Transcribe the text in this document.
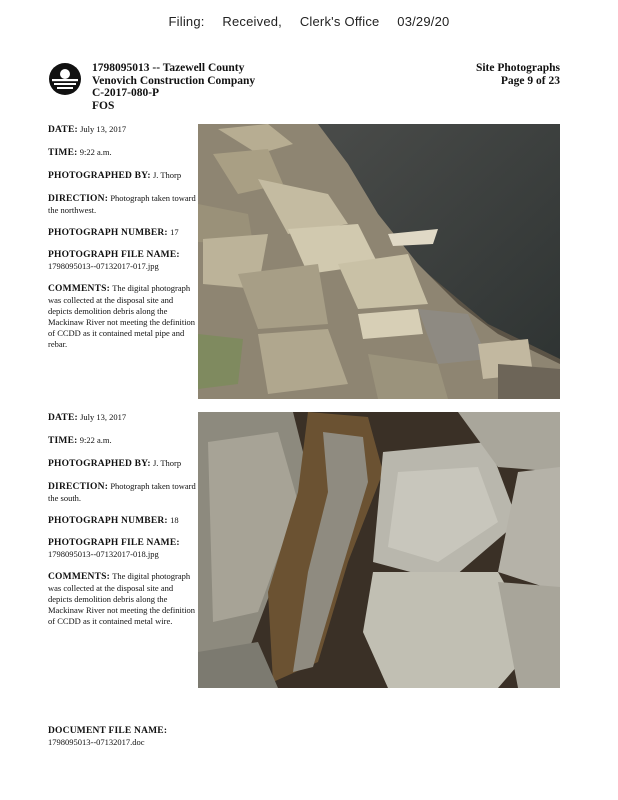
Filing: Received, Clerk's Office 03/29/20
1798095013 -- Tazewell County
Venovich Construction Company
C-2017-080-P
FOS
Site Photographs
Page 9 of 23
DATE: July 13, 2017
TIME: 9:22 a.m.
PHOTOGRAPHED BY: J. Thorp
DIRECTION: Photograph taken toward the northwest.
PHOTOGRAPH NUMBER: 17
PHOTOGRAPH FILE NAME:
1798095013--07132017-017.jpg
COMMENTS: The digital photograph was collected at the disposal site and depicts demolition debris along the Mackinaw River not meeting the definition of CCDD as it contained metal pipe and rebar.
DATE: July 13, 2017
TIME: 9:22 a.m.
PHOTOGRAPHED BY: J. Thorp
DIRECTION: Photograph taken toward the south.
PHOTOGRAPH NUMBER: 18
PHOTOGRAPH FILE NAME:
1798095013--07132017-018.jpg
COMMENTS: The digital photograph was collected at the disposal site and depicts demolition debris along the Mackinaw River not meeting the definition of CCDD as it contained metal wire.
DOCUMENT FILE NAME:
1798095013--07132017.doc
